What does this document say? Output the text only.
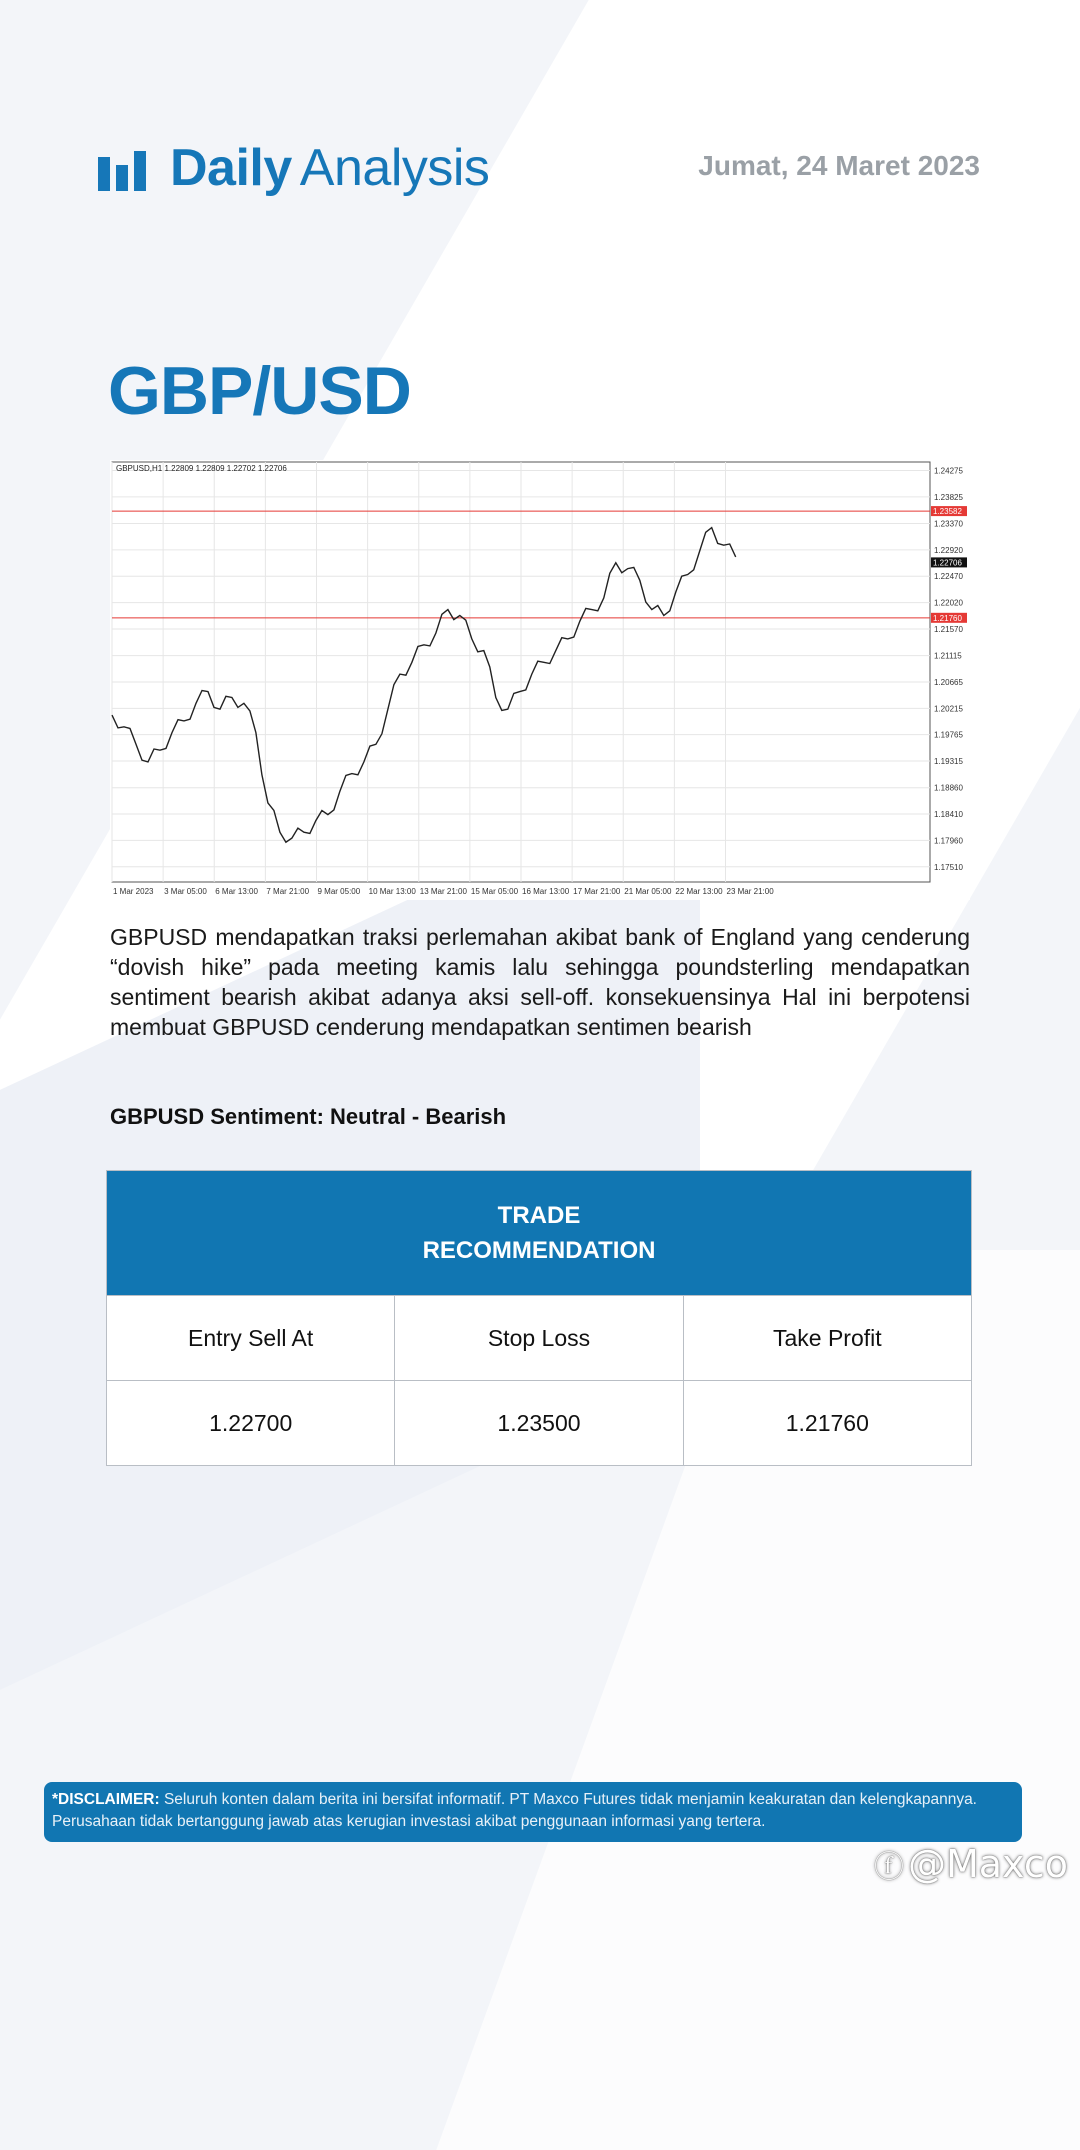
Daily Analysis	Jumat, 24 Maret 2023
GBP/USD
1.24275
1.23825
1.23370
1.22920
1.22470
1.22020
1.21570
1.21115
1.20665
1.20215
1.19765
1.19315
1.18860
1.18410
1.17960
1.17510
1 Mar 2023 3 Mar 05:00 6 Mar 13:00 7 Mar 21:00 9 Mar 05:00 10 Mar 13:00 13 Mar 21:00 15 Mar 05:00 16 Mar 13:00 17 Mar 21:00 21 Mar 05:00 22 Mar 13:00 23 Mar 21:00
1.23582
1.21760
1.22706
GBPUSD,H1 1.22809 1.22809 1.22702 1.22706
GBPUSD mendapatkan traksi perlemahan akibat bank of England yang cenderung “dovish hike” pada meeting kamis lalu sehingga poundsterling mendapatkan sentiment bearish akibat adanya aksi sell-off. konsekuensinya Hal ini berpotensi membuat GBPUSD cenderung mendapatkan sentimen bearish
GBPUSD Sentiment: Neutral - Bearish
TRADE
RECOMMENDATION
Entry Sell At	Stop Loss	Take Profit
1.22700	1.23500	1.21760
*DISCLAIMER: Seluruh konten dalam berita ini bersifat informatif. PT Maxco Futures tidak menjamin keakuratan dan kelengkapannya. Perusahaan tidak bertanggung jawab atas kerugian investasi akibat penggunaan informasi yang tertera.
ⓕ @Maxco
